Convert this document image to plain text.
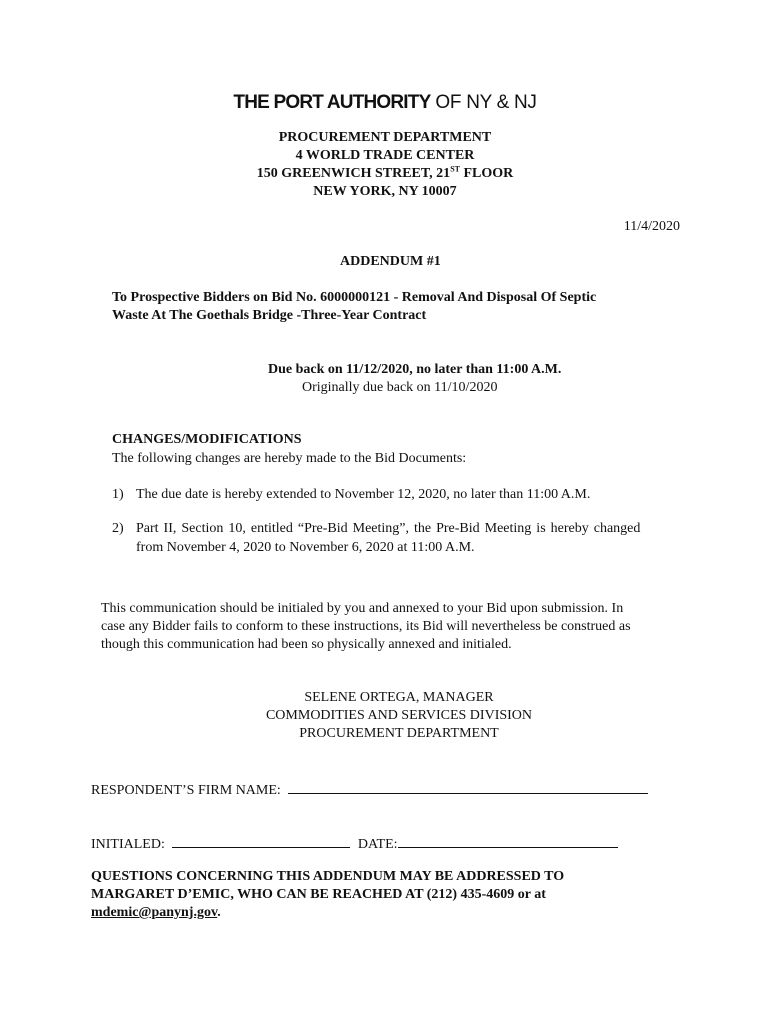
THE PORT AUTHORITY OF NY & NJ
PROCUREMENT DEPARTMENT
4 WORLD TRADE CENTER
150 GREENWICH STREET, 21ST FLOOR
NEW YORK, NY 10007
11/4/2020
ADDENDUM #1
To Prospective Bidders on Bid No. 6000000121 - Removal And Disposal Of Septic
Waste At The Goethals Bridge -Three-Year Contract
Due back on 11/12/2020, no later than 11:00 A.M.
Originally due back on 11/10/2020
CHANGES/MODIFICATIONS
The following changes are hereby made to the Bid Documents:
1) The due date is hereby extended to November 12, 2020, no later than 11:00 A.M.
2) Part II, Section 10, entitled “Pre-Bid Meeting”, the Pre-Bid Meeting is hereby changed
from November 4, 2020 to November 6, 2020 at 11:00 A.M.
This communication should be initialed by you and annexed to your Bid upon submission. In
case any Bidder fails to conform to these instructions, its Bid will nevertheless be construed as
though this communication had been so physically annexed and initialed.
SELENE ORTEGA, MANAGER
COMMODITIES AND SERVICES DIVISION
PROCUREMENT DEPARTMENT
RESPONDENT’S FIRM NAME:
INITIALED:	DATE:
QUESTIONS CONCERNING THIS ADDENDUM MAY BE ADDRESSED TO
MARGARET D’EMIC, WHO CAN BE REACHED AT (212) 435-4609 or at
mdemic@panynj.gov.
